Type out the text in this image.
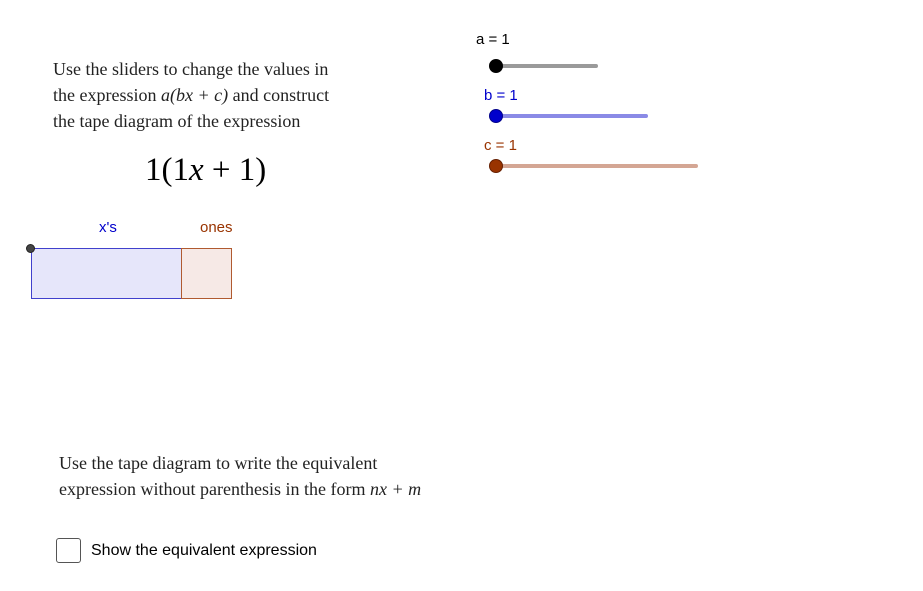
Use the sliders to change the values in
the expression a(bx + c) and construct
the tape diagram of the expression
1(1x + 1)
x's	ones
a = 1
b = 1
c = 1
Use the tape diagram to write the equivalent
expression without parenthesis in the form nx + m
Show the equivalent expression
